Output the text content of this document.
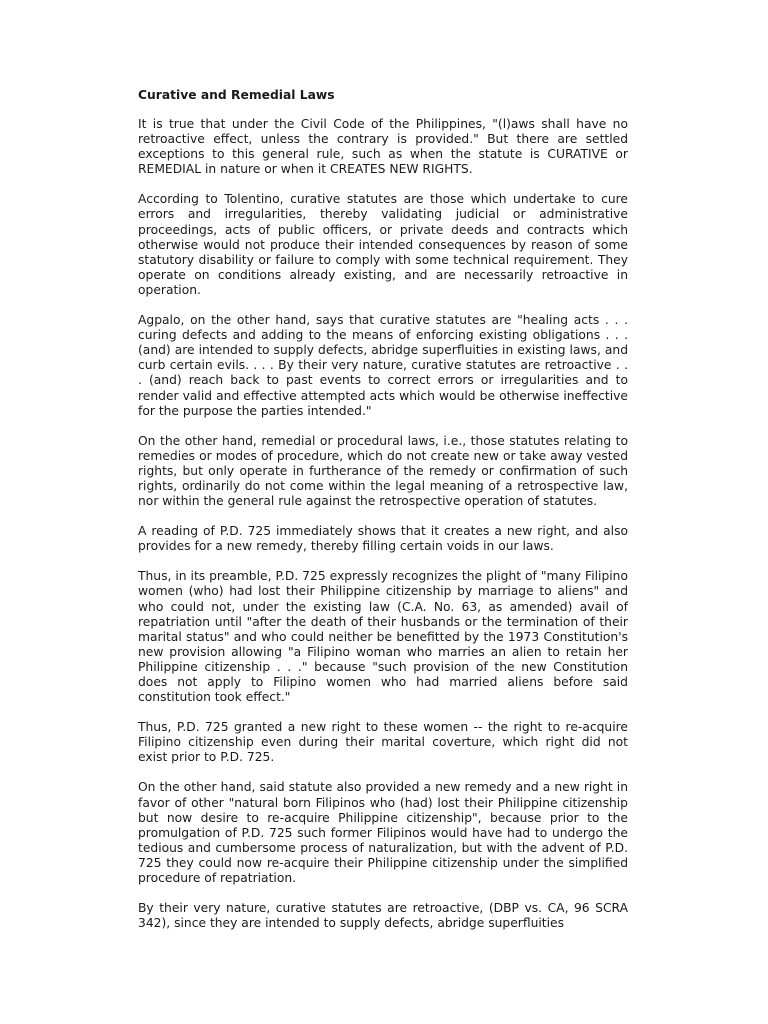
Curative and Remedial Laws

It is true that under the Civil Code of the Philippines, "(l)aws shall have no retroactive effect, unless the contrary is provided." But there are settled exceptions to this general rule, such as when the statute is CURATIVE or REMEDIAL in nature or when it CREATES NEW RIGHTS.

According to Tolentino, curative statutes are those which undertake to cure errors and irregularities, thereby validating judicial or administrative proceedings, acts of public officers, or private deeds and contracts which otherwise would not produce their intended consequences by reason of some statutory disability or failure to comply with some technical requirement. They operate on conditions already existing, and are necessarily retroactive in operation.

Agpalo, on the other hand, says that curative statutes are "healing acts . . . curing defects and adding to the means of enforcing existing obligations . . . (and) are intended to supply defects, abridge superfluities in existing laws, and curb certain evils. . . . By their very nature, curative statutes are retroactive . . . (and) reach back to past events to correct errors or irregularities and to render valid and effective attempted acts which would be otherwise ineffective for the purpose the parties intended."

On the other hand, remedial or procedural laws, i.e., those statutes relating to remedies or modes of procedure, which do not create new or take away vested rights, but only operate in furtherance of the remedy or confirmation of such rights, ordinarily do not come within the legal meaning of a retrospective law, nor within the general rule against the retrospective operation of statutes.

A reading of P.D. 725 immediately shows that it creates a new right, and also provides for a new remedy, thereby filling certain voids in our laws.

Thus, in its preamble, P.D. 725 expressly recognizes the plight of "many Filipino women (who) had lost their Philippine citizenship by marriage to aliens" and who could not, under the existing law (C.A. No. 63, as amended) avail of repatriation until "after the death of their husbands or the termination of their marital status" and who could neither be benefitted by the 1973 Constitution's new provision allowing "a Filipino woman who marries an alien to retain her Philippine citizenship . . ." because "such provision of the new Constitution does not apply to Filipino women who had married aliens before said constitution took effect."

Thus, P.D. 725 granted a new right to these women -- the right to re-acquire Filipino citizenship even during their marital coverture, which right did not exist prior to P.D. 725.

On the other hand, said statute also provided a new remedy and a new right in favor of other "natural born Filipinos who (had) lost their Philippine citizenship but now desire to re-acquire Philippine citizenship", because prior to the promulgation of P.D. 725 such former Filipinos would have had to undergo the tedious and cumbersome process of naturalization, but with the advent of P.D. 725 they could now re-acquire their Philippine citizenship under the simplified procedure of repatriation.

By their very nature, curative statutes are retroactive, (DBP vs. CA, 96 SCRA 342), since they are intended to supply defects, abridge superfluities
